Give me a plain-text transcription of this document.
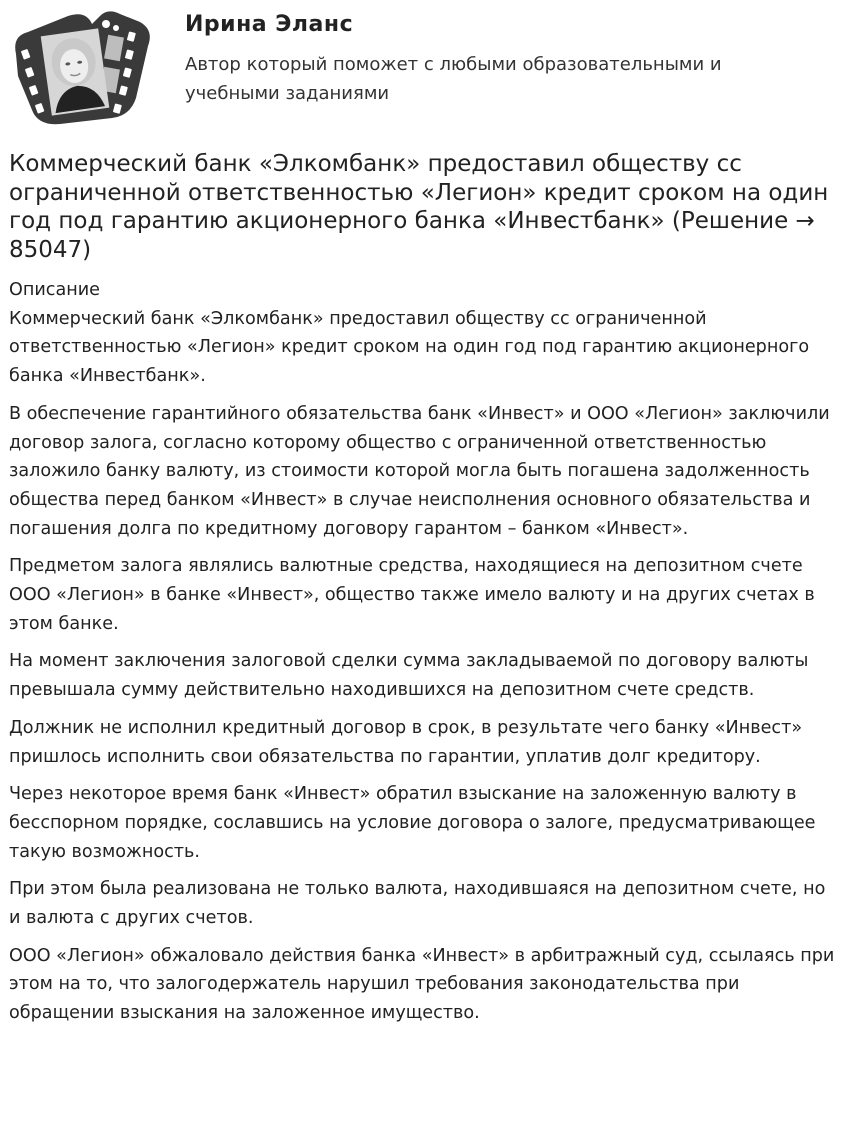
Ирина Эланс
Автор который поможет с любыми образовательными и учебными заданиями
Коммерческий банк «Элкомбанк» предоставил обществу сс ограниченной ответственностью «Легион» кредит сроком на один год под гарантию акционерного банка «Инвестбанк» (Решение → 85047)
Описание

Коммерческий банк «Элкомбанк» предоставил обществу сс ограниченной ответственностью «Легион» кредит сроком на один год под гарантию акционерного банка «Инвестбанк».

В обеспечение гарантийного обязательства банк «Инвест» и ООО «Легион» заключили договор залога, согласно которому общество с ограниченной ответственностью заложило банку валюту, из стоимости которой могла быть погашена задолженность общества перед банком «Инвест» в случае неисполнения основного обязательства и погашения долга по кредитному договору гарантом – банком «Инвест».

Предметом залога являлись валютные средства, находящиеся на депозитном счете ООО «Легион» в банке «Инвест», общество также имело валюту и на других счетах в этом банке.

На момент заключения залоговой сделки сумма закладываемой по договору валюты превышала сумму действительно находившихся на депозитном счете средств.

Должник не исполнил кредитный договор в срок, в результате чего банку «Инвест» пришлось исполнить свои обязательства по гарантии, уплатив долг кредитору.

Через некоторое время банк «Инвест» обратил взыскание на заложенную валюту в бесспорном порядке, сославшись на условие договора о залоге, предусматривающее такую возможность.

При этом была реализована не только валюта, находившаяся на депозитном счете, но и валюта с других счетов.

ООО «Легион» обжаловало действия банка «Инвест» в арбитражный суд, ссылаясь при этом на то, что залогодержатель нарушил требования законодательства при обращении взыскания на заложенное имущество.
